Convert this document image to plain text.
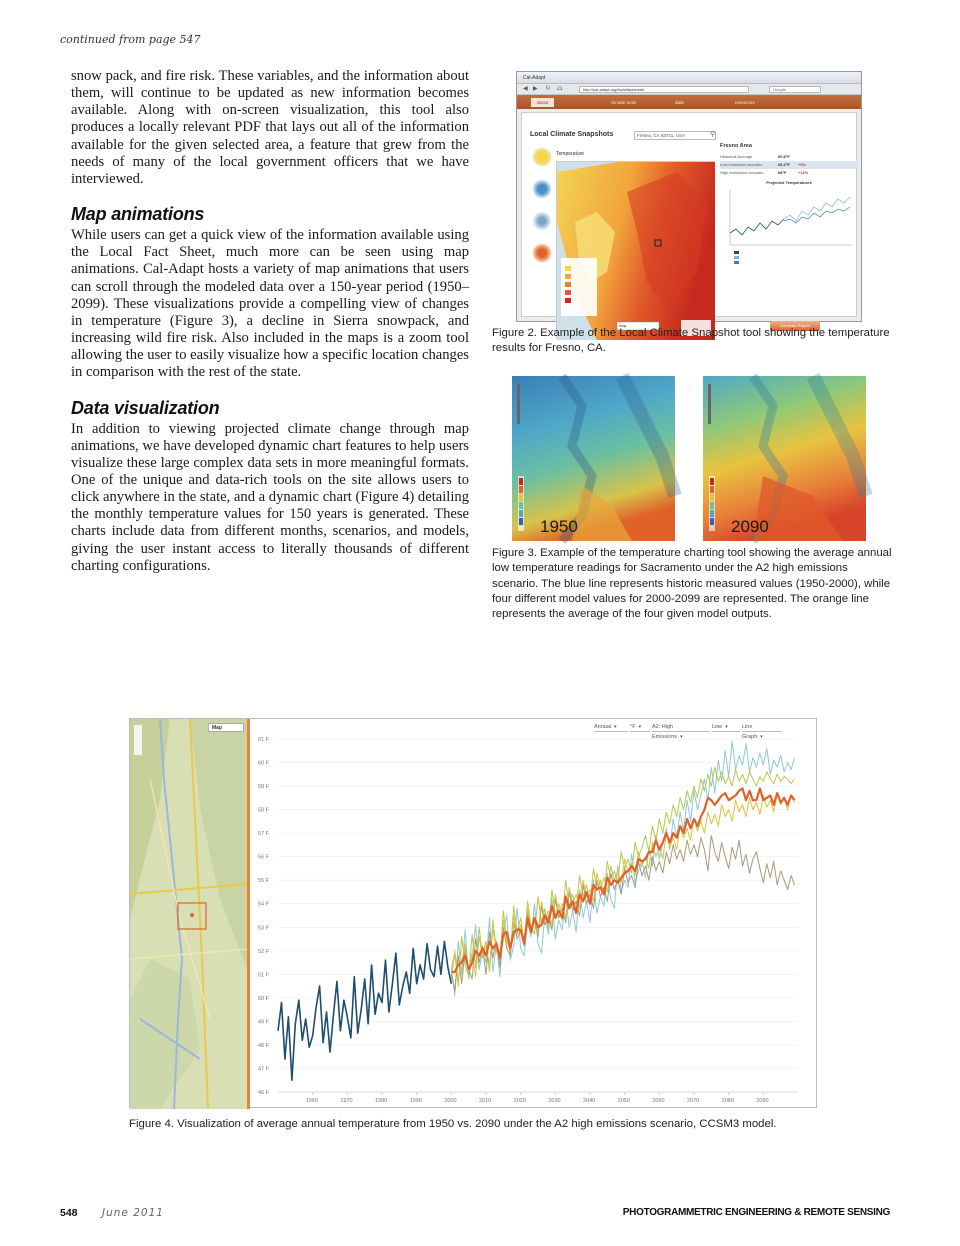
continued from page 547

snow pack, and fire risk. These variables, and the information about them, will continue to be updated as new information becomes available. Along with on-screen visualization, this tool also produces a locally relevant PDF that lays out all of the information available for the given selected area, a feature that grew from the needs of many of the local government officers that we have interviewed.

Map animations

While users can get a quick view of the information available using the Local Fact Sheet, much more can be seen using map animations. Cal-Adapt hosts a variety of map animations that users can scroll through the modeled data over a 150-year period (1950–2099). These visualizations provide a compelling view of changes in temperature (Figure 3), a decline in Sierra snowpack, and increasing wild fire risk. Also included in the maps is a zoom tool allowing the user to easily visualize how a specific location changes in comparison with the rest of the state.

Data visualization

In addition to viewing projected climate change through map animations, we have developed dynamic chart features to help users visualize these large complex data sets in more meaningful formats. One of the unique and data-rich tools on the site allows users to click anywhere in the state, and a dynamic chart (Figure 4) detailing the monthly temperature values for 150 years is generated. These charts include data from different months, scenarios, and models, giving the user instant access to literally thousands of different charting configurations.

Cal-Adapt
◀ ▶ ↻ ⌂	http://cal-adapt.org/tools/factsheet/	Google
about	climate tools	data	resources
Local Climate Snapshots	Fresno, CA 93721, USA	⚲
Temperature
map
Fresno Area
Historical Average	60.8°F
Low emissions scenario	66.2°F +6%
High emissions scenario	68°F	+12%
Projected Temperatures
Generate Report
Figure 2. Example of the Local Climate Snapshot tool showing the temperature results for Fresno, CA.
1950	2090
Figure 3. Example of the temperature charting tool showing the average annual low temperature readings for Sacramento under the A2 high emissions scenario. The blue line represents historic measured values (1950-2000), while four different model values for 2000-2099 are represented. The orange line represents the average of the four given model outputs.
Map	Annual ▾	°F ▾	A2: High Emissions ▾
Low ▾	Line Graph ▾
61 F
60 F
59 F
58 F
57 F
56 F
55 F
54 F
53 F
52 F
51 F
50 F
49 F
48 F
47 F
46 F
1960	1970	1980	1990	2000	2010	2020	2030	2040	2050	2060	2070	2080	2090
Figure 4. Visualization of average annual temperature from 1950 vs. 2090 under the A2 high emissions scenario, CCSM3 model.
548 June 2011	PHOTOGRAMMETRIC ENGINEERING & REMOTE SENSING
